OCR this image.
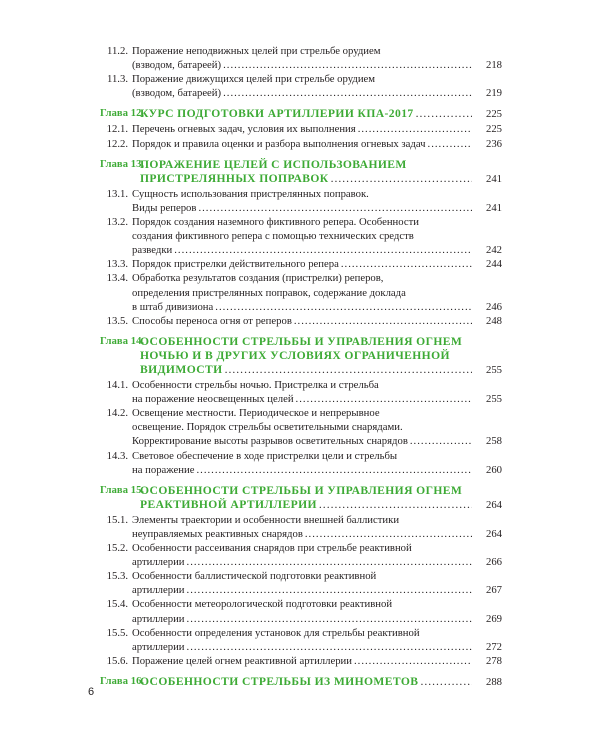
11.2. Поражение неподвижных целей при стрельбе орудием
(взводом, батареей) .....	218
11.3. Поражение движущихся целей при стрельбе орудием
(взводом, батареей) .....	219
Глава 12.
КУРС ПОДГОТОВКИ АРТИЛЛЕРИИ КПА-2017 .....	225
12.1. Перечень огневых задач, условия их выполнения .....	225
12.2. Порядок и правила оценки и разбора выполнения огневых задач .....	236
Глава 13.
ПОРАЖЕНИЕ ЦЕЛЕЙ С ИСПОЛЬЗОВАНИЕМ
ПРИСТРЕЛЯННЫХ ПОПРАВОК .....	241
13.1. Сущность использования пристрелянных поправок.
Виды реперов .....	241
13.2. Порядок создания наземного фиктивного репера. Особенности
создания фиктивного репера с помощью технических средств
разведки .....	242
13.3. Порядок пристрелки действительного репера .....	244
13.4. Обработка результатов создания (пристрелки) реперов,
определения пристрелянных поправок, содержание доклада
в штаб дивизиона .....	246
13.5. Способы переноса огня от реперов .....	248
Глава 14.
ОСОБЕННОСТИ СТРЕЛЬБЫ И УПРАВЛЕНИЯ ОГНЕМ
НОЧЬЮ И В ДРУГИХ УСЛОВИЯХ ОГРАНИЧЕННОЙ
ВИДИМОСТИ .....	255
14.1. Особенности стрельбы ночью. Пристрелка и стрельба
на поражение неосвещенных целей .....	255
14.2. Освещение местности. Периодическое и непрерывное
освещение. Порядок стрельбы осветительными снарядами.
Корректирование высоты разрывов осветительных снарядов .....	258
14.3. Световое обеспечение в ходе пристрелки цели и стрельбы
на поражение .....	260
Глава 15.
ОСОБЕННОСТИ СТРЕЛЬБЫ И УПРАВЛЕНИЯ ОГНЕМ
РЕАКТИВНОЙ АРТИЛЛЕРИИ .....	264
15.1. Элементы траектории и особенности внешней баллистики
неуправляемых реактивных снарядов .....	264
15.2. Особенности рассеивания снарядов при стрельбе реактивной
артиллерии .....	266
15.3. Особенности баллистической подготовки реактивной
артиллерии .....	267
15.4. Особенности метеорологической подготовки реактивной
артиллерии .....	269
15.5. Особенности определения установок для стрельбы реактивной
артиллерии .....	272
15.6. Поражение целей огнем реактивной артиллерии .....	278
Глава 16.
ОСОБЕННОСТИ СТРЕЛЬБЫ ИЗ МИНОМЕТОВ .....	288
6
